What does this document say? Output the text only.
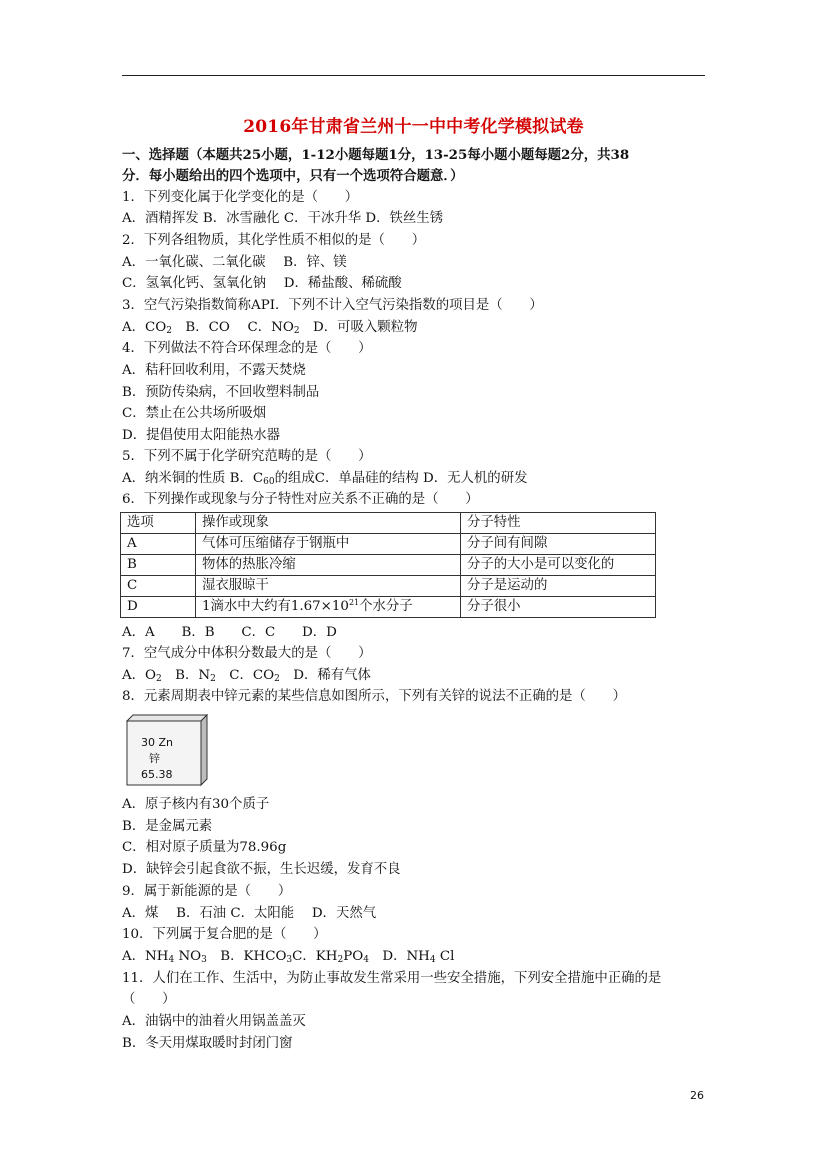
2016年甘肃省兰州十一中中考化学模拟试卷
一、选择题（本题共25小题，1-12小题每题1分，13-25每小题小题每题2分，共38
分．每小题给出的四个选项中，只有一个选项符合题意．）
1．下列变化属于化学变化的是（　　）
A．酒精挥发 B．冰雪融化 C．干冰升华 D．铁丝生锈
2．下列各组物质，其化学性质不相似的是（　　）
A．一氧化碳、二氧化碳　 B．锌、镁
C．氢氧化钙、氢氧化钠　 D．稀盐酸、稀硫酸
3．空气污染指数简称API．下列不计入空气污染指数的项目是（　　）
A．$CO_2$　B．CO　 C．$NO_2$　D．可吸入颗粒物
4．下列做法不符合环保理念的是（　　）
A．秸秆回收利用，不露天焚烧
B．预防传染病，不回收塑料制品
C．禁止在公共场所吸烟
D．提倡使用太阳能热水器
5．下列不属于化学研究范畴的是（　　）
A．纳米铜的性质 B．$C_{60}$的组成C．单晶硅的结构 D．无人机的研发
6．下列操作或现象与分子特性对应关系不正确的是（　　）
选项	操作或现象	分子特性
A	气体可压缩储存于钢瓶中	分子间有间隙
B	物体的热胀冷缩	分子的大小是可以变化的
C	湿衣服晾干	分子是运动的
D	1滴水中大约有$1.67\times 10^{21}$个水分子	分子很小
A．A　　B．B　　C．C　　D．D
7．空气成分中体积分数最大的是（　　）
A．$O_2$　B．$N_2$　C．$CO_2$　D．稀有气体
8．元素周期表中锌元素的某些信息如图所示，下列有关锌的说法不正确的是（　　）
30 Zn
锌
65.38
A．原子核内有30个质子
B．是金属元素
C．相对原子质量为78.96g
D．缺锌会引起食欲不振，生长迟缓，发育不良
9．属于新能源的是（　　）
A．煤　 B．石油 C．太阳能　 D．天然气
10．下列属于复合肥的是（　　）
A．$NH_4$ $NO_3$　B．$KHCO_3C$．$KH_2PO_4$　D．$NH_4$ Cl
11．人们在工作、生活中，为防止事故发生常采用一些安全措施，下列安全措施中正确的是
（　　）
A．油锅中的油着火用锅盖盖灭
B．冬天用煤取暖时封闭门窗
26
